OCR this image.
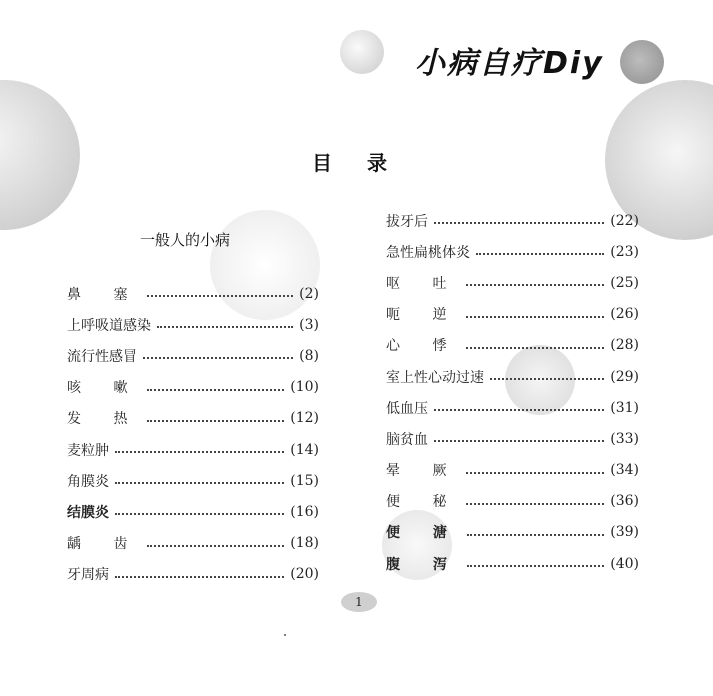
小病自疗Diy
目 录
一般人的小病
鼻 塞	(2)
上呼吸道感染	(3)
流行性感冒	(8)
咳 嗽	(10)
发 热	(12)
麦粒肿	(14)
角膜炎	(15)
结膜炎	(16)
龋 齿	(18)
牙周病	(20)
拔牙后	(22)
急性扁桃体炎	(23)
呕 吐	(25)
呃 逆	(26)
心 悸	(28)
室上性心动过速	(29)
低血压	(31)
脑贫血	(33)
晕 厥	(34)
便 秘	(36)
便 溏	(39)
腹 泻	(40)
1
